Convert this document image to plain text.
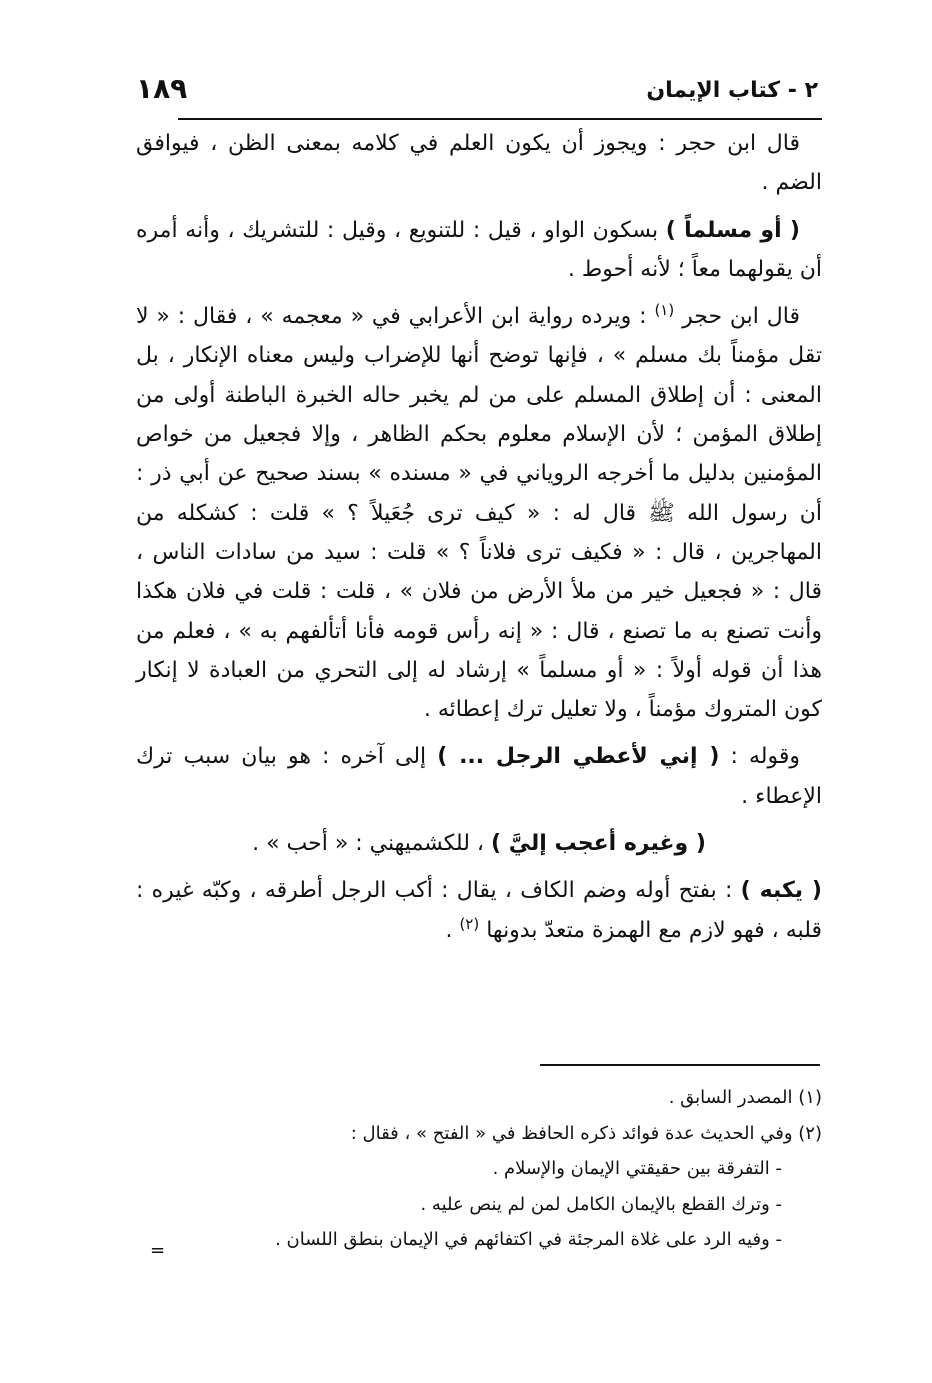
٢ - كتاب الإيمان
١٨٩

قال ابن حجر : ويجوز أن يكون العلم في كلامه بمعنى الظن ، فيوافق الضم .

( أو مسلماً ) بسكون الواو ، قيل : للتنويع ، وقيل : للتشريك ، وأنه أمره أن يقولهما معاً ؛ لأنه أحوط .

قال ابن حجر $^{(١)}$ : ويرده رواية ابن الأعرابي في « معجمه » ، فقال : « لا تقل مؤمناً بك مسلم » ، فإنها توضح أنها للإضراب وليس معناه الإنكار ، بل المعنى : أن إطلاق المسلم على من لم يخبر حاله الخبرة الباطنة أولى من إطلاق المؤمن ؛ لأن الإسلام معلوم بحكم الظاهر ، وإلا فجعيل من خواص المؤمنين بدليل ما أخرجه الروياني في « مسنده » بسند صحيح عن أبي ذر : أن رسول الله ﷺ قال له : « كيف ترى جُعَيلاً ؟ » قلت : كشكله من المهاجرين ، قال : « فكيف ترى فلاناً ؟ » قلت : سيد من سادات الناس ، قال : « فجعيل خير من ملأ الأرض من فلان » ، قلت : قلت في فلان هكذا وأنت تصنع به ما تصنع ، قال : « إنه رأس قومه فأنا أتألفهم به » ، فعلم من هذا أن قوله أولاً : « أو مسلماً » إرشاد له إلى التحري من العبادة لا إنكار كون المتروك مؤمناً ، ولا تعليل ترك إعطائه .

وقوله : ( إني لأعطي الرجل ... ) إلى آخره : هو بيان سبب ترك الإعطاء .

( وغيره أعجب إليَّ ) ، للكشميهني : « أحب » .

( يكبه ) : بفتح أوله وضم الكاف ، يقال : أكب الرجل أطرقه ، وكبّه غيره : قلبه ، فهو لازم مع الهمزة متعدّ بدونها $^{(٢)}$ .

(١) المصدر السابق .
(٢) وفي الحديث عدة فوائد ذكره الحافظ في « الفتح » ، فقال :
- التفرقة بين حقيقتي الإيمان والإسلام .
- وترك القطع بالإيمان الكامل لمن لم ينص عليه .
- وفيه الرد على غلاة المرجئة في اكتفائهم في الإيمان بنطق اللسان .
=
